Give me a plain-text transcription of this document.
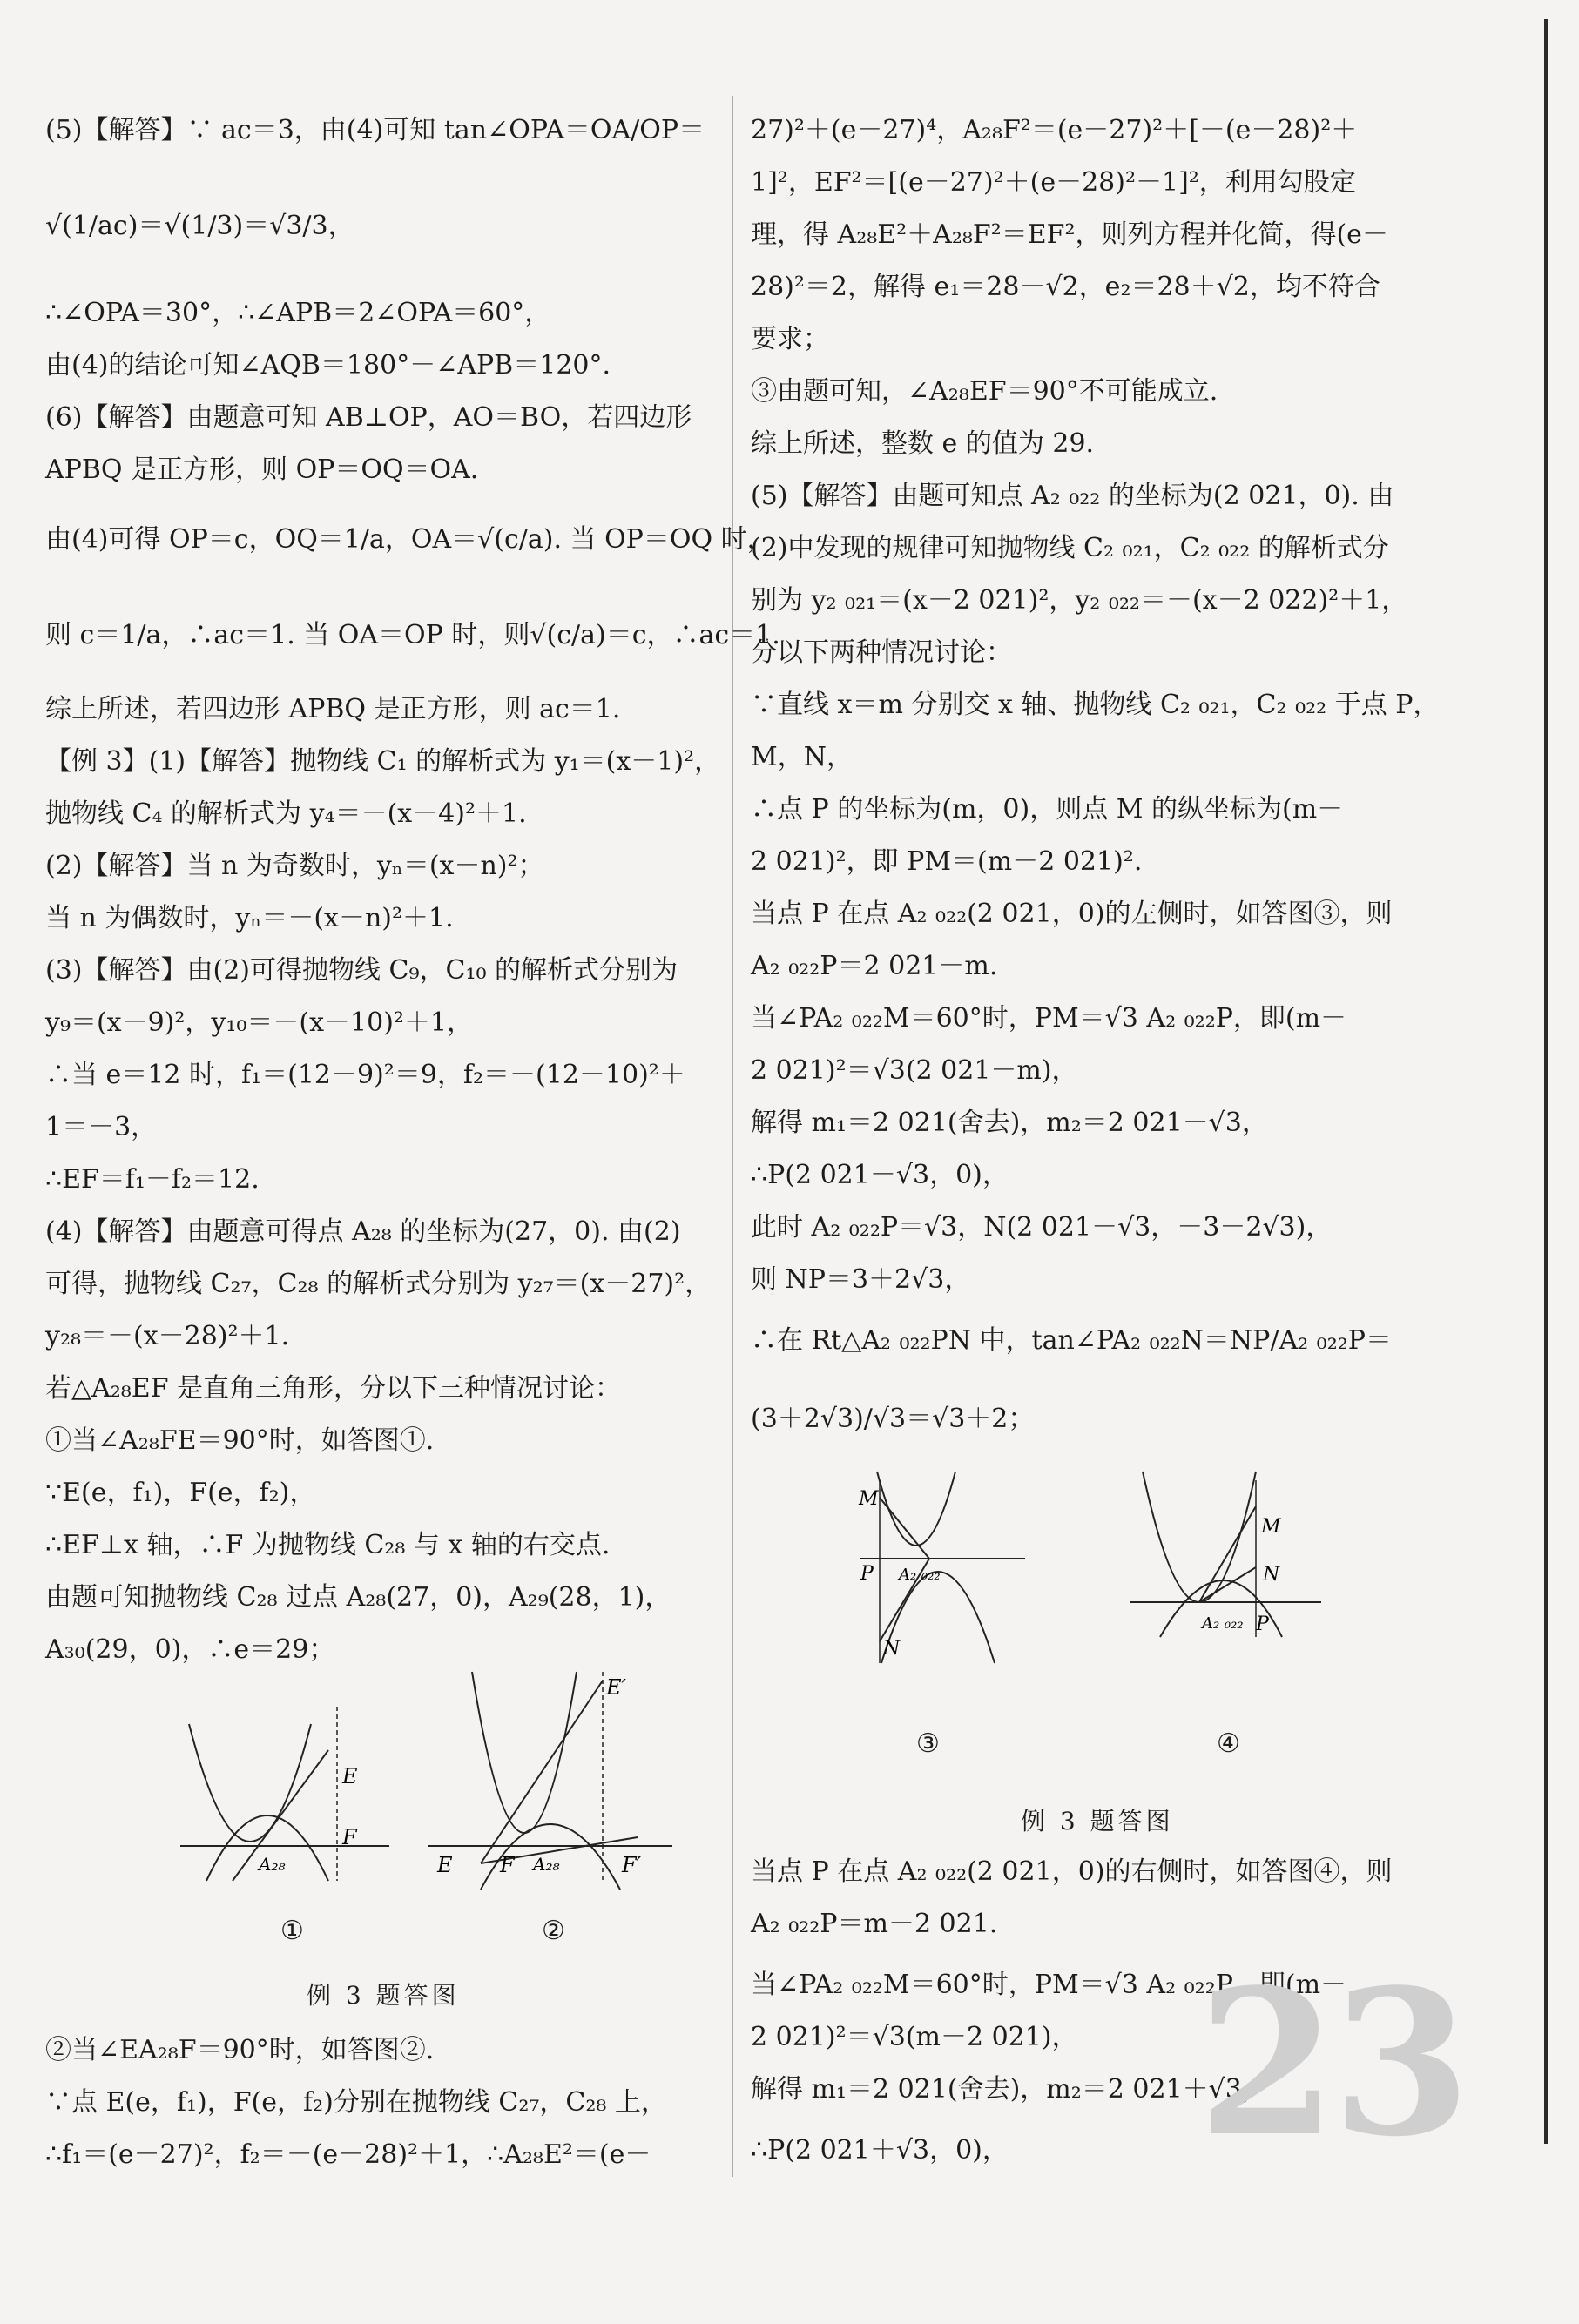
(5)【解答】∵ ac＝3，由(4)可知 tan∠OPA＝OA/OP＝
√(1/ac)＝√(1/3)＝√3/3，
∴∠OPA＝30°，∴∠APB＝2∠OPA＝60°，
由(4)的结论可知∠AQB＝180°－∠APB＝120°.
(6)【解答】由题意可知 AB⊥OP，AO＝BO，若四边形
APBQ 是正方形，则 OP＝OQ＝OA.
由(4)可得 OP＝c，OQ＝1/a，OA＝√(c/a). 当 OP＝OQ 时，
则 c＝1/a，∴ac＝1. 当 OA＝OP 时，则√(c/a)＝c，∴ac＝1.
综上所述，若四边形 APBQ 是正方形，则 ac＝1.
【例 3】(1)【解答】抛物线 C₁ 的解析式为 y₁＝(x－1)²，
抛物线 C₄ 的解析式为 y₄＝－(x－4)²＋1.
(2)【解答】当 n 为奇数时，yₙ＝(x－n)²；
当 n 为偶数时，yₙ＝－(x－n)²＋1.
(3)【解答】由(2)可得抛物线 C₉，C₁₀ 的解析式分别为
y₉＝(x－9)²，y₁₀＝－(x－10)²＋1，
∴当 e＝12 时，f₁＝(12－9)²＝9，f₂＝－(12－10)²＋
1＝－3，
∴EF＝f₁－f₂＝12.
(4)【解答】由题意可得点 A₂₈ 的坐标为(27，0). 由(2)
可得，抛物线 C₂₇，C₂₈ 的解析式分别为 y₂₇＝(x－27)²，
y₂₈＝－(x－28)²＋1.
若△A₂₈EF 是直角三角形，分以下三种情况讨论：
①当∠A₂₈FE＝90°时，如答图①.
∵E(e，f₁)，F(e，f₂)，
∴EF⊥x 轴，∴F 为抛物线 C₂₈ 与 x 轴的右交点.
由题可知抛物线 C₂₈ 过点 A₂₈(27，0)，A₂₉(28，1)，
A₃₀(29，0)，∴e＝29；
E
F
A₂₈
E′
E F A₂₈	F′
①	②
例 3 题答图
②当∠EA₂₈F＝90°时，如答图②.
∵点 E(e，f₁)，F(e，f₂)分别在抛物线 C₂₇，C₂₈ 上，
∴f₁＝(e－27)²，f₂＝－(e－28)²＋1，∴A₂₈E²＝(e－
27)²＋(e－27)⁴，A₂₈F²＝(e－27)²＋[－(e－28)²＋
1]²，EF²＝[(e－27)²＋(e－28)²－1]²，利用勾股定
理，得 A₂₈E²＋A₂₈F²＝EF²，则列方程并化简，得(e－
28)²＝2，解得 e₁＝28－√2，e₂＝28＋√2，均不符合
要求；
③由题可知，∠A₂₈EF＝90°不可能成立.
综上所述，整数 e 的值为 29.
(5)【解答】由题可知点 A₂ ₀₂₂ 的坐标为(2 021，0). 由
(2)中发现的规律可知抛物线 C₂ ₀₂₁，C₂ ₀₂₂ 的解析式分
别为 y₂ ₀₂₁＝(x－2 021)²，y₂ ₀₂₂＝－(x－2 022)²＋1，
分以下两种情况讨论：
∵直线 x＝m 分别交 x 轴、抛物线 C₂ ₀₂₁，C₂ ₀₂₂ 于点 P，
M，N，
∴点 P 的坐标为(m，0)，则点 M 的纵坐标为(m－
2 021)²，即 PM＝(m－2 021)².
当点 P 在点 A₂ ₀₂₂(2 021，0)的左侧时，如答图③，则
A₂ ₀₂₂P＝2 021－m.
当∠PA₂ ₀₂₂M＝60°时，PM＝√3 A₂ ₀₂₂P，即(m－
2 021)²＝√3(2 021－m)，
解得 m₁＝2 021(舍去)，m₂＝2 021－√3，
∴P(2 021－√3，0)，
此时 A₂ ₀₂₂P＝√3，N(2 021－√3，－3－2√3)，
则 NP＝3＋2√3，
∴在 Rt△A₂ ₀₂₂PN 中，tan∠PA₂ ₀₂₂N＝NP/A₂ ₀₂₂P＝
(3＋2√3)/√3＝√3＋2；
M
P A₂ ₀₂₂
N
M
N
A₂ ₀₂₂ P
③	④
例 3 题答图
当点 P 在点 A₂ ₀₂₂(2 021，0)的右侧时，如答图④，则
A₂ ₀₂₂P＝m－2 021.
当∠PA₂ ₀₂₂M＝60°时，PM＝√3 A₂ ₀₂₂P，即(m－
2 021)²＝√3(m－2 021)，
解得 m₁＝2 021(舍去)，m₂＝2 021＋√3，
∴P(2 021＋√3，0)， 23
